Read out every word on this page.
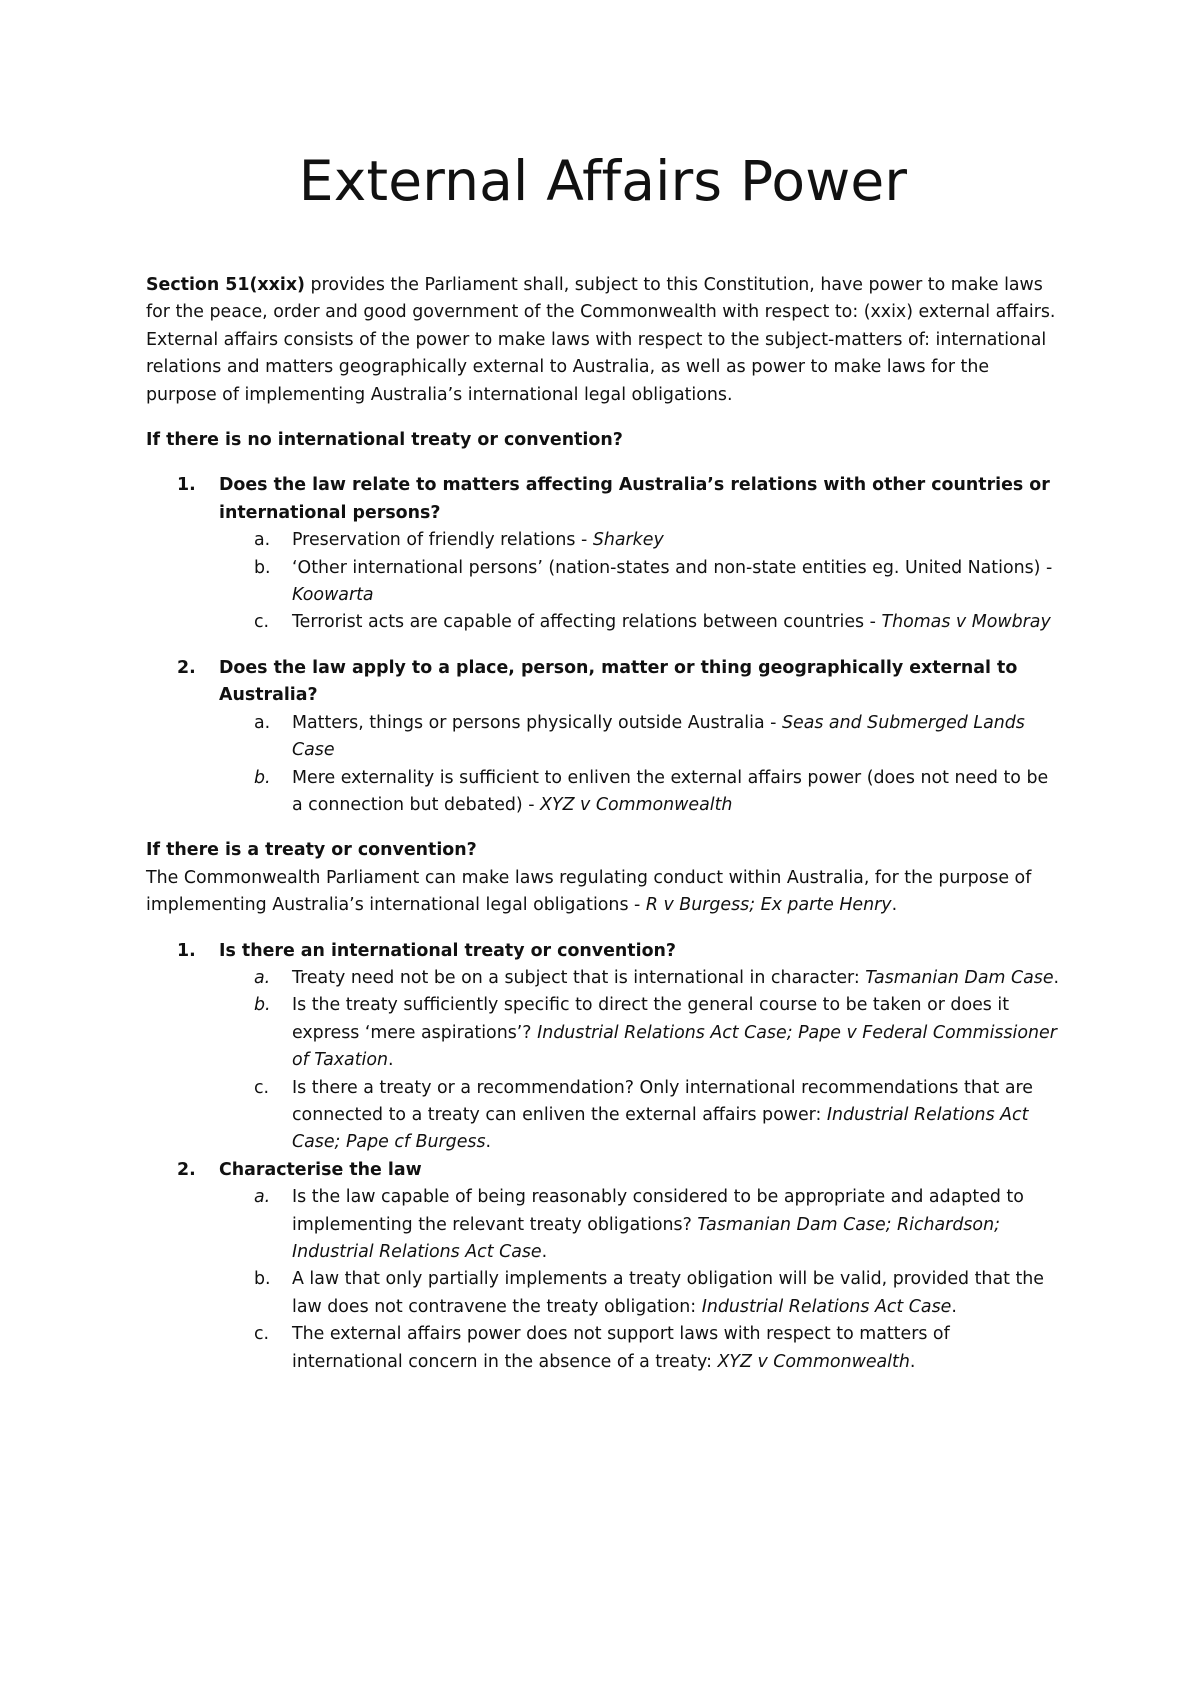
External Affairs Power

Section 51(xxix) provides the Parliament shall, subject to this Constitution, have power to make laws for the peace, order and good government of the Commonwealth with respect to: (xxix) external affairs. External affairs consists of the power to make laws with respect to the subject-matters of: international relations and matters geographically external to Australia, as well as power to make laws for the purpose of implementing Australia’s international legal obligations.

If there is no international treaty or convention?

1. Does the law relate to matters affecting Australia’s relations with other countries or international persons?
a. Preservation of friendly relations - Sharkey
b. ‘Other international persons’ (nation-states and non-state entities eg. United Nations) - Koowarta
c. Terrorist acts are capable of affecting relations between countries - Thomas v Mowbray
2. Does the law apply to a place, person, matter or thing geographically external to Australia?
a. Matters, things or persons physically outside Australia - Seas and Submerged Lands Case
b. Mere externality is sufficient to enliven the external affairs power (does not need to be a connection but debated) - XYZ v Commonwealth

If there is a treaty or convention?

The Commonwealth Parliament can make laws regulating conduct within Australia, for the purpose of implementing Australia’s international legal obligations - R v Burgess; Ex parte Henry.

1. Is there an international treaty or convention?
a. Treaty need not be on a subject that is international in character: Tasmanian Dam Case.
b. Is the treaty sufficiently specific to direct the general course to be taken or does it express ‘mere aspirations’? Industrial Relations Act Case; Pape v Federal Commissioner of Taxation.
c. Is there a treaty or a recommendation? Only international recommendations that are connected to a treaty can enliven the external affairs power: Industrial Relations Act Case; Pape cf Burgess.
2. Characterise the law
a. Is the law capable of being reasonably considered to be appropriate and adapted to implementing the relevant treaty obligations? Tasmanian Dam Case; Richardson; Industrial Relations Act Case.
b. A law that only partially implements a treaty obligation will be valid, provided that the law does not contravene the treaty obligation: Industrial Relations Act Case.
c. The external affairs power does not support laws with respect to matters of international concern in the absence of a treaty: XYZ v Commonwealth.
